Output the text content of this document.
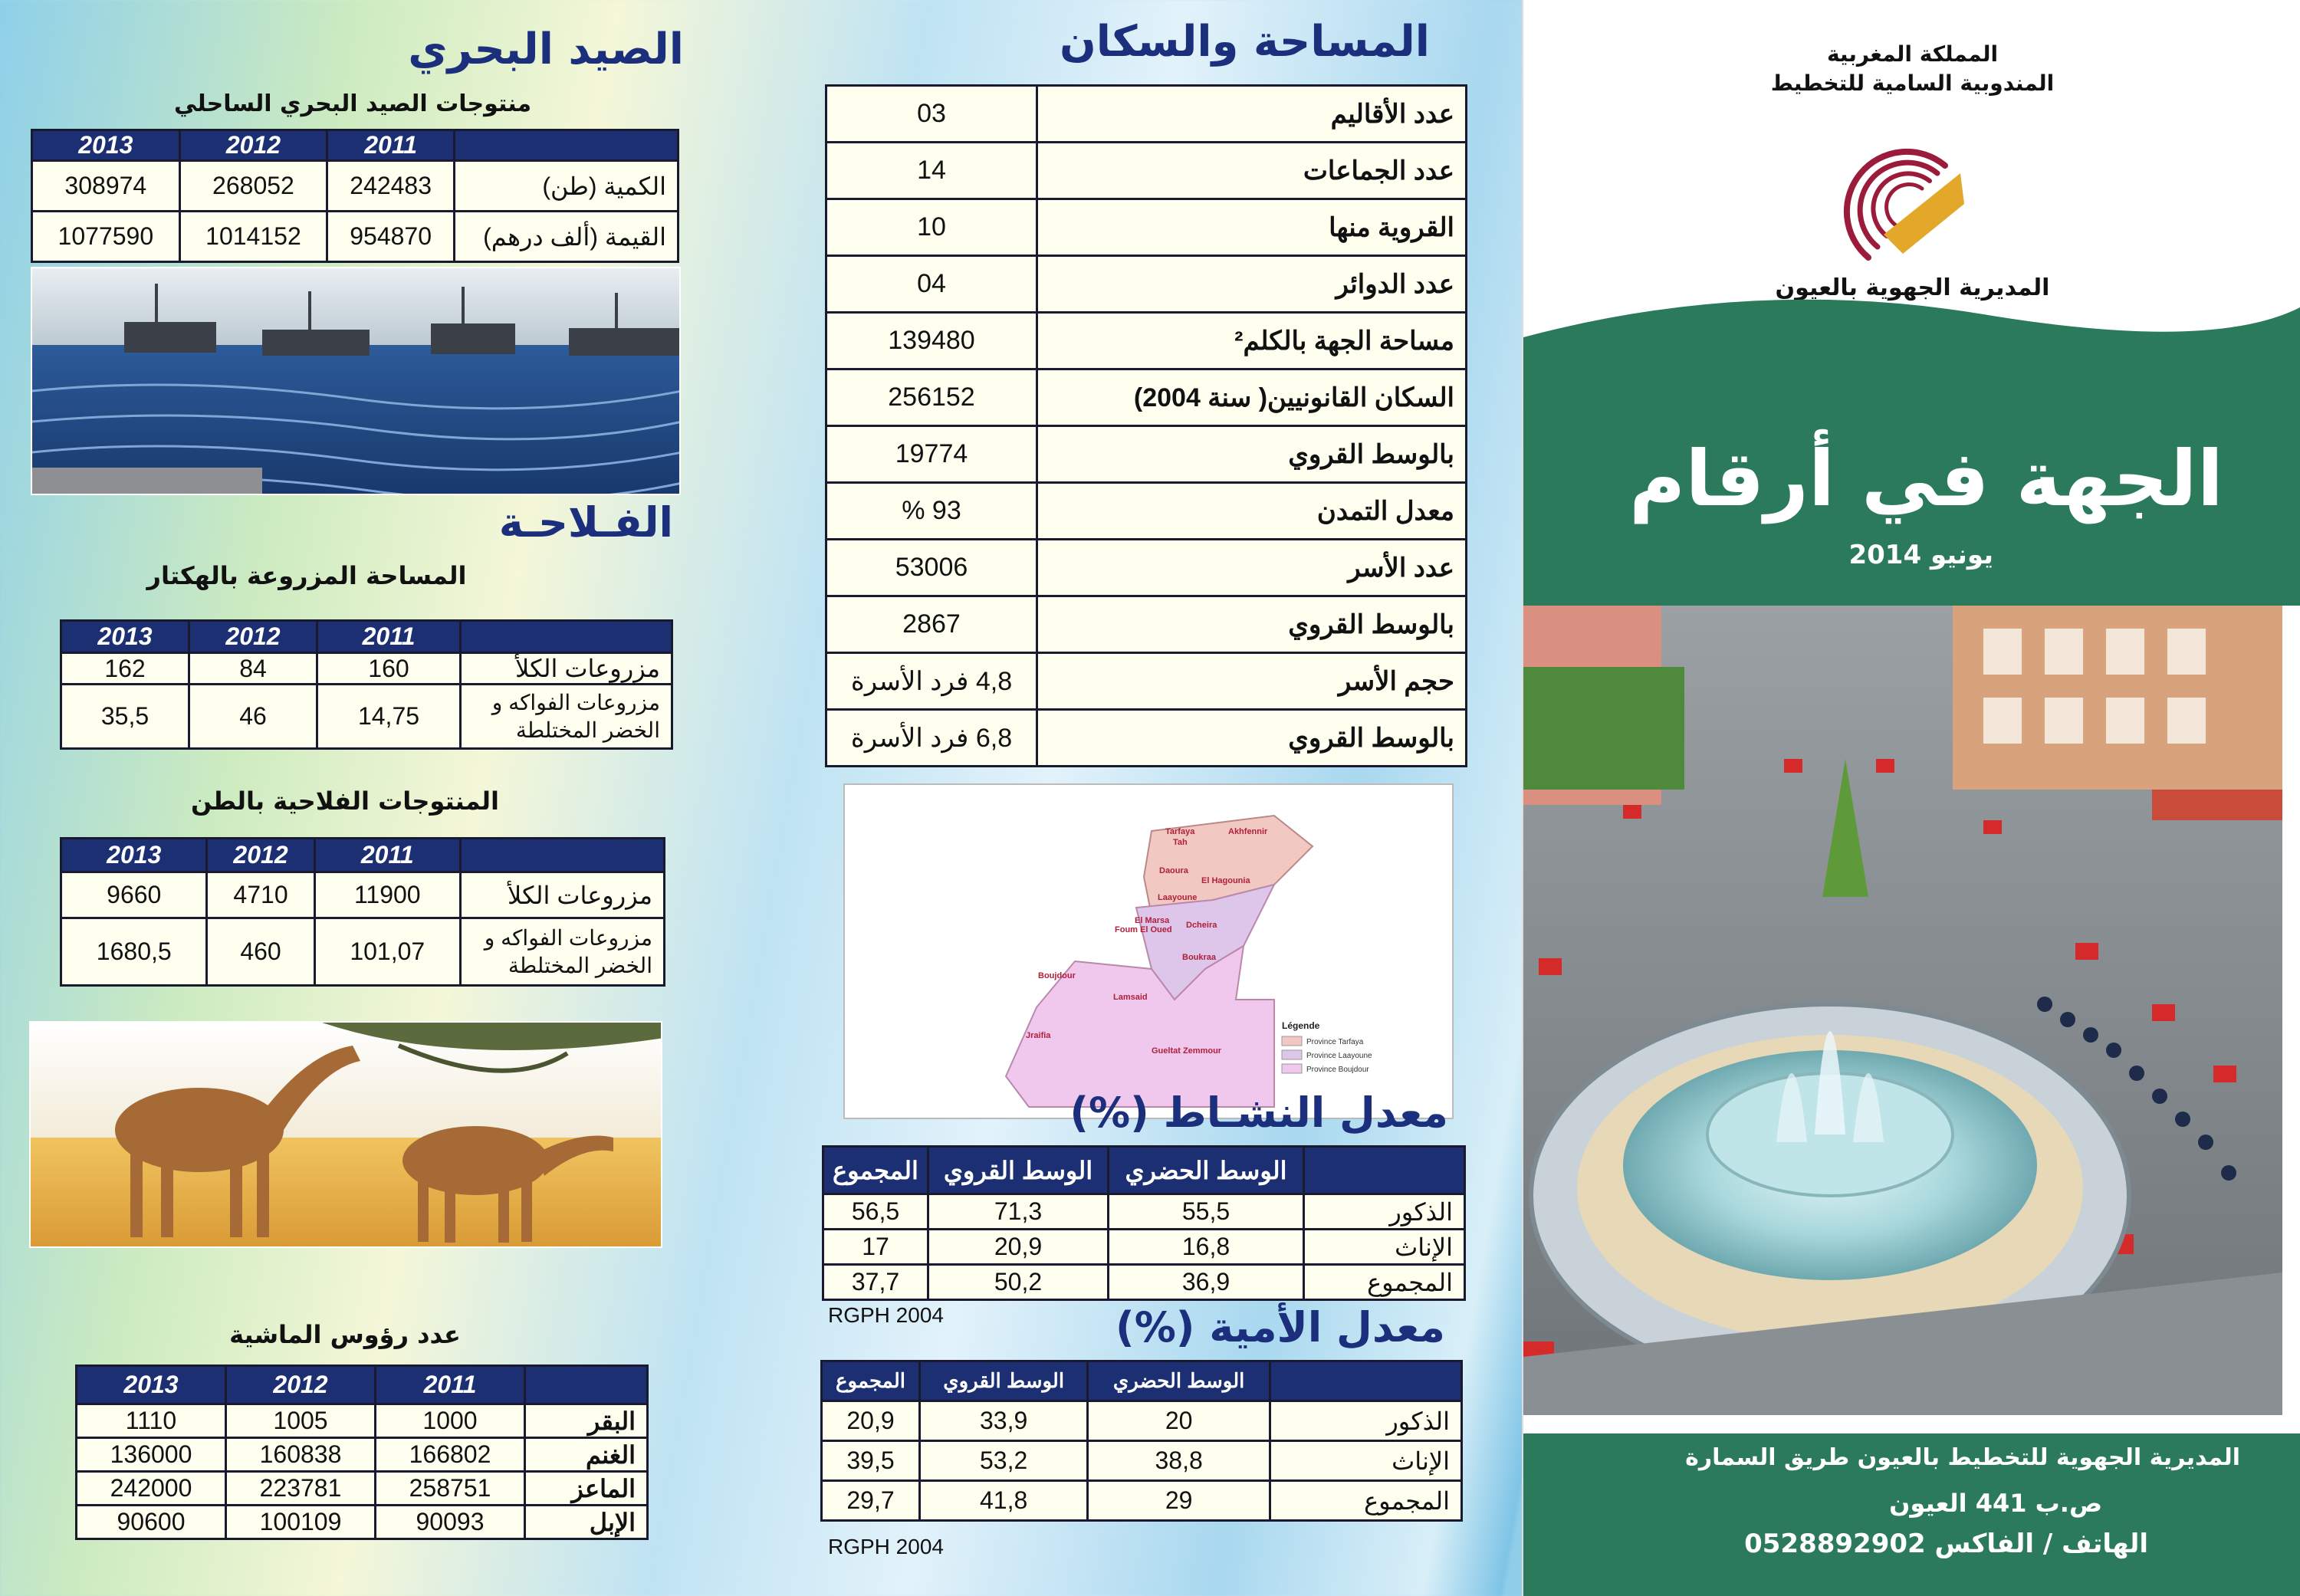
الصيد البحري
منتوجات الصيد البحري الساحلي
	2011	2012	2013
الكمية (طن)	242483	268052	308974
القيمة (ألف درهم)	954870	1014152	1077590
الفـلاحـة
المساحة المزروعة بالهكتار
	2011	2012	2013
مزروعات الكلأ	160	84	162
مزروعات الفواكه و الخضر المختلطة	14,75	46	35,5
المنتوجات الفلاحية بالطن
	2011	2012	2013
مزروعات الكلأ	11900	4710	9660
مزروعات الفواكه و الخضر المختلطة	101,07	460	1680,5
عدد رؤوس الماشية
	2011	2012	2013
البقر	1000	1005	1110
الغنم	166802	160838	136000
الماعز	258751	223781	242000
الإبل	90093	100109	90600
المساحة والسكان
عدد الأقاليم	03
عدد الجماعات	14
القروية منها	10
عدد الدوائر	04
مساحة الجهة بالكلم²	139480
السكان القانونيين( سنة 2004)	256152
بالوسط القروي	19774
معدل التمدن	93 %
عدد الأسر	53006
بالوسط القروي	2867
حجم الأسر	4,8 فرد الأسرة
بالوسط القروي	6,8 فرد الأسرة
Tarfaya
Tah
Akhfennir
Daoura
El Hagounia
Laayoune
El Marsa
Foum El Oued Dcheira
Boukraa
Boujdour
Lamsaid
Jraifia
Gueltat Zemmour
Légende
Province Tarfaya
Province Laayoune
Province Boujdour
معدل النشـاط (%)
	الوسط الحضري	الوسط القروي	المجموع
الذكور	55,5	71,3	56,5
الإناث	16,8	20,9	17
المجموع	36,9	50,2	37,7
RGPH 2004	معدل الأمية (%)
	الوسط الحضري	الوسط القروي	المجموع
الذكور	20	33,9	20,9
الإناث	38,8	53,2	39,5
المجموع	29	41,8	29,7
RGPH 2004
المملكة المغربية
المندوبية السامية للتخطيط
المديرية الجهوية بالعيون
الجهة في أرقام
يونيو 2014
المديرية الجهوية للتخطيط بالعيون طريق السمارة
ص.ب 441 العيون
الهاتف / الفاكس 0528892902
